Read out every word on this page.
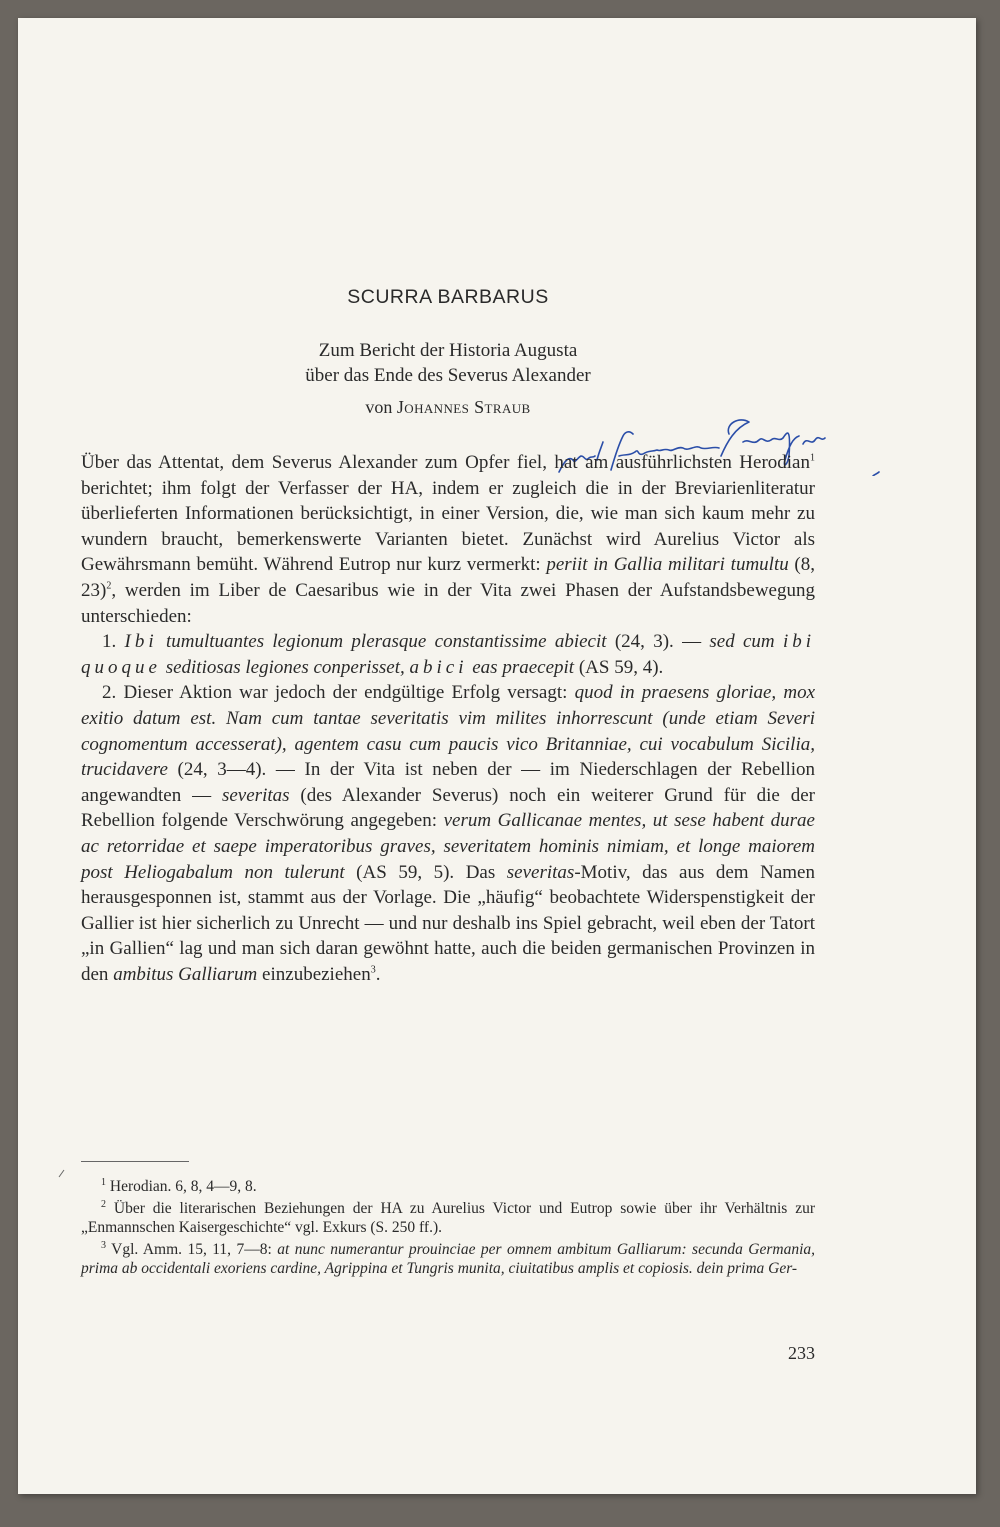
SCURRA BARBARUS
Zum Bericht der Historia Augusta
über das Ende des Severus Alexander
von Johannes Straub
mit besten Grüßen

Über das Attentat, dem Severus Alexander zum Opfer fiel, hat am ausführlichsten Herodian$^1$ berichtet; ihm folgt der Verfasser der HA, indem er zugleich die in der Breviarienliteratur überlieferten Informationen berücksichtigt, in einer Version, die, wie man sich kaum mehr zu wundern braucht, bemerkenswerte Varianten bietet. Zunächst wird Aurelius Victor als Gewährsmann bemüht. Während Eutrop nur kurz vermerkt: periit in Gallia militari tumultu (8, 23)$^2$, werden im Liber de Caesaribus wie in der Vita zwei Phasen der Aufstandsbewegung unterschieden:

1. Ibi tumultuantes legionum plerasque constantissime abiecit (24, 3). — sed cum ibi quoque seditiosas legiones conperisset, abici eas praecepit (AS 59, 4).

2. Dieser Aktion war jedoch der endgültige Erfolg versagt: quod in praesens gloriae, mox exitio datum est. Nam cum tantae severitatis vim milites inhorrescunt (unde etiam Severi cognomentum accesserat), agentem casu cum paucis vico Britanniae, cui vocabulum Sicilia, trucidavere (24, 3—4). — In der Vita ist neben der — im Niederschlagen der Rebellion angewandten — severitas (des Alexander Severus) noch ein weiterer Grund für die der Rebellion folgende Verschwörung angegeben: verum Gallicanae mentes, ut sese habent durae ac retorridae et saepe imperatoribus graves, severitatem hominis nimiam, et longe maiorem post Heliogabalum non tulerunt (AS 59, 5). Das severitas-Motiv, das aus dem Namen herausgesponnen ist, stammt aus der Vorlage. Die „häufig“ beobachtete Widerspenstigkeit der Gallier ist hier sicherlich zu Unrecht — und nur deshalb ins Spiel gebracht, weil eben der Tatort „in Gallien“ lag und man sich daran gewöhnt hatte, auch die beiden germanischen Provinzen in den ambitus Galliarum einzubeziehen$^3$.

$^1$ Herodian. 6, 8, 4—9, 8.

$^2$ Über die literarischen Beziehungen der HA zu Aurelius Victor und Eutrop sowie über ihr Verhältnis zur „Enmannschen Kaisergeschichte“ vgl. Exkurs (S. 250 ff.).

$^3$ Vgl. Amm. 15, 11, 7—8: at nunc numerantur prouinciae per omnem ambitum Galliarum: secunda Germania, prima ab occidentali exoriens cardine, Agrippina et Tungris munita, ciuitatibus amplis et copiosis. dein prima Ger-

233
